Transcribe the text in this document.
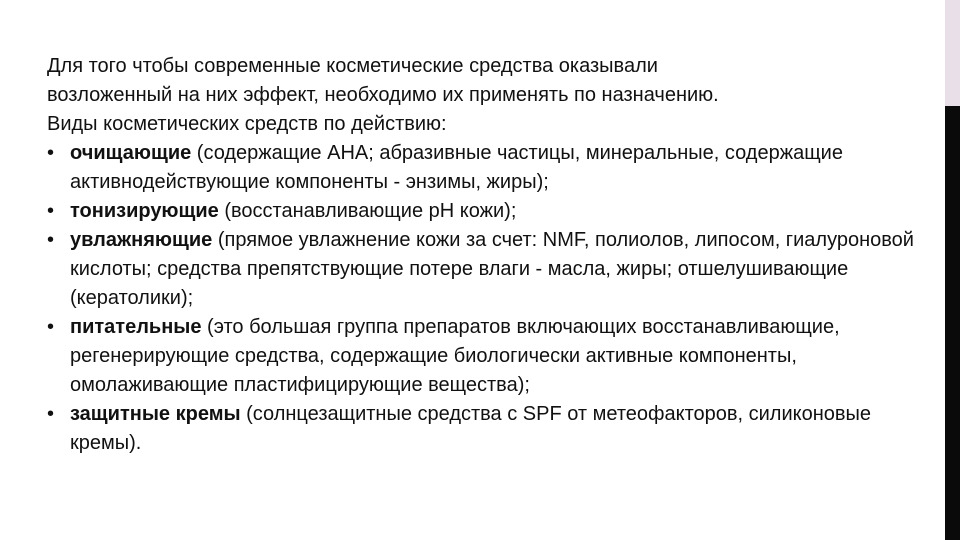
Для того чтобы современные косметические средства оказывали
возложенный на них эффект, необходимо их применять по назначению.
Виды косметических средств по действию:

• очищающие (содержащие АНА; абразивные частицы, минеральные, содержащие активнодействующие компоненты - энзимы, жиры);
• тонизирующие (восстанавливающие рН кожи);
• увлажняющие (прямое увлажнение кожи за счет: NMF, полиолов, липосом, гиалуроновой кислоты; средства препятствующие потере влаги - масла, жиры; отшелушивающие (кератолики);
• питательные (это большая группа препаратов включающих восстанавливающие, регенерирующие средства, содержащие биологически активные компоненты, омолаживающие пластифицирующие вещества);
• защитные кремы (солнцезащитные средства с SPF от метеофакторов, силиконовые кремы).
